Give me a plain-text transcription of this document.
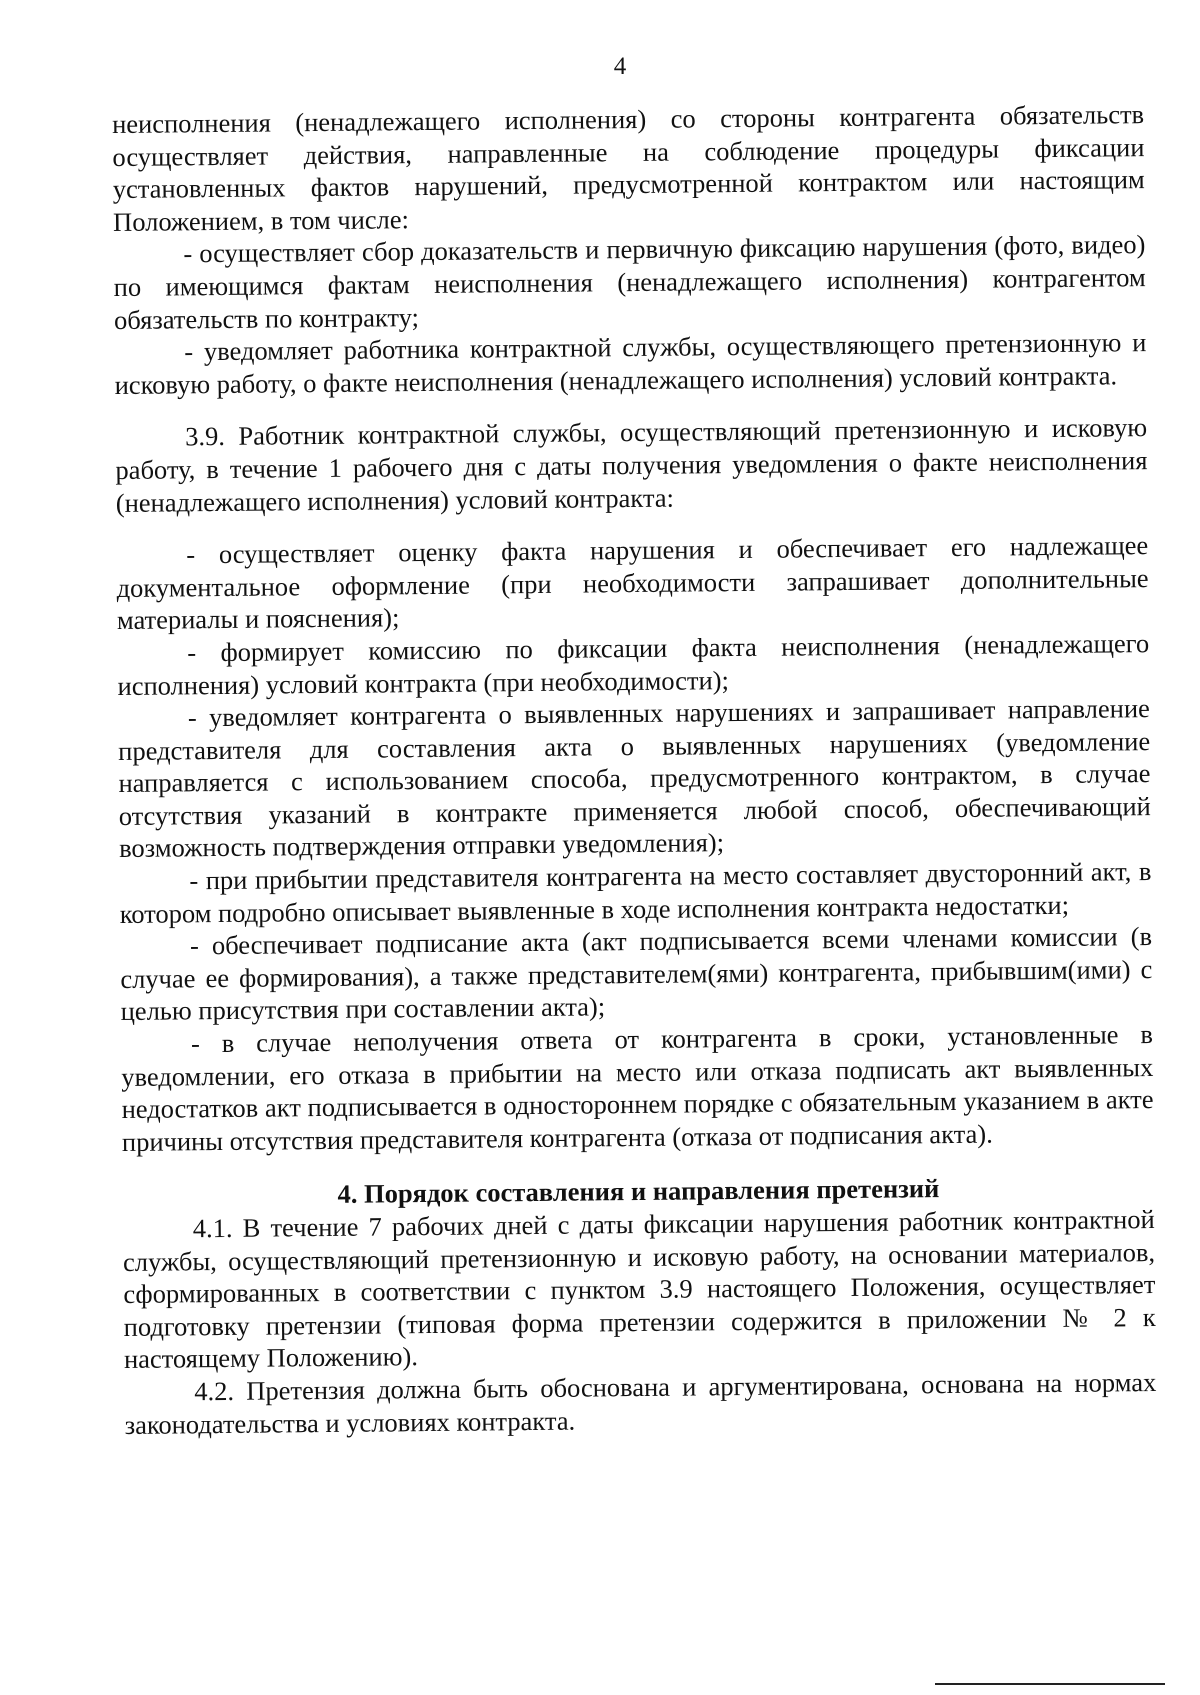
4

неисполнения (ненадлежащего исполнения) со стороны контрагента обязательств осуществляет действия, направленные на соблюдение процедуры фиксации установленных фактов нарушений, предусмотренной контрактом или настоящим Положением, в том числе:

- осуществляет сбор доказательств и первичную фиксацию нарушения (фото, видео) по имеющимся фактам неисполнения (ненадлежащего исполнения) контрагентом обязательств по контракту;

- уведомляет работника контрактной службы, осуществляющего претензионную и исковую работу, о факте неисполнения (ненадлежащего исполнения) условий контракта.

3.9. Работник контрактной службы, осуществляющий претензионную и исковую работу, в течение 1 рабочего дня с даты получения уведомления о факте неисполнения (ненадлежащего исполнения) условий контракта:

- осуществляет оценку факта нарушения и обеспечивает его надлежащее документальное оформление (при необходимости запрашивает дополнительные материалы и пояснения);

- формирует комиссию по фиксации факта неисполнения (ненадлежащего исполнения) условий контракта (при необходимости);

- уведомляет контрагента о выявленных нарушениях и запрашивает направление представителя для составления акта о выявленных нарушениях (уведомление направляется с использованием способа, предусмотренного контрактом, в случае отсутствия указаний в контракте применяется любой способ, обеспечивающий возможность подтверждения отправки уведомления);

- при прибытии представителя контрагента на место составляет двусторонний акт, в котором подробно описывает выявленные в ходе исполнения контракта недостатки;

- обеспечивает подписание акта (акт подписывается всеми членами комиссии (в случае ее формирования), а также представителем(ями) контрагента, прибывшим(ими) с целью присутствия при составлении акта);

- в случае неполучения ответа от контрагента в сроки, установленные в уведомлении, его отказа в прибытии на место или отказа подписать акт выявленных недостатков акт подписывается в одностороннем порядке с обязательным указанием в акте причины отсутствия представителя контрагента (отказа от подписания акта).

4. Порядок составления и направления претензий

4.1. В течение 7 рабочих дней с даты фиксации нарушения работник контрактной службы, осуществляющий претензионную и исковую работу, на основании материалов, сформированных в соответствии с пунктом 3.9 настоящего Положения, осуществляет подготовку претензии (типовая форма претензии содержится в приложении № 2 к настоящему Положению).

4.2. Претензия должна быть обоснована и аргументирована, основана на нормах законодательства и условиях контракта.
